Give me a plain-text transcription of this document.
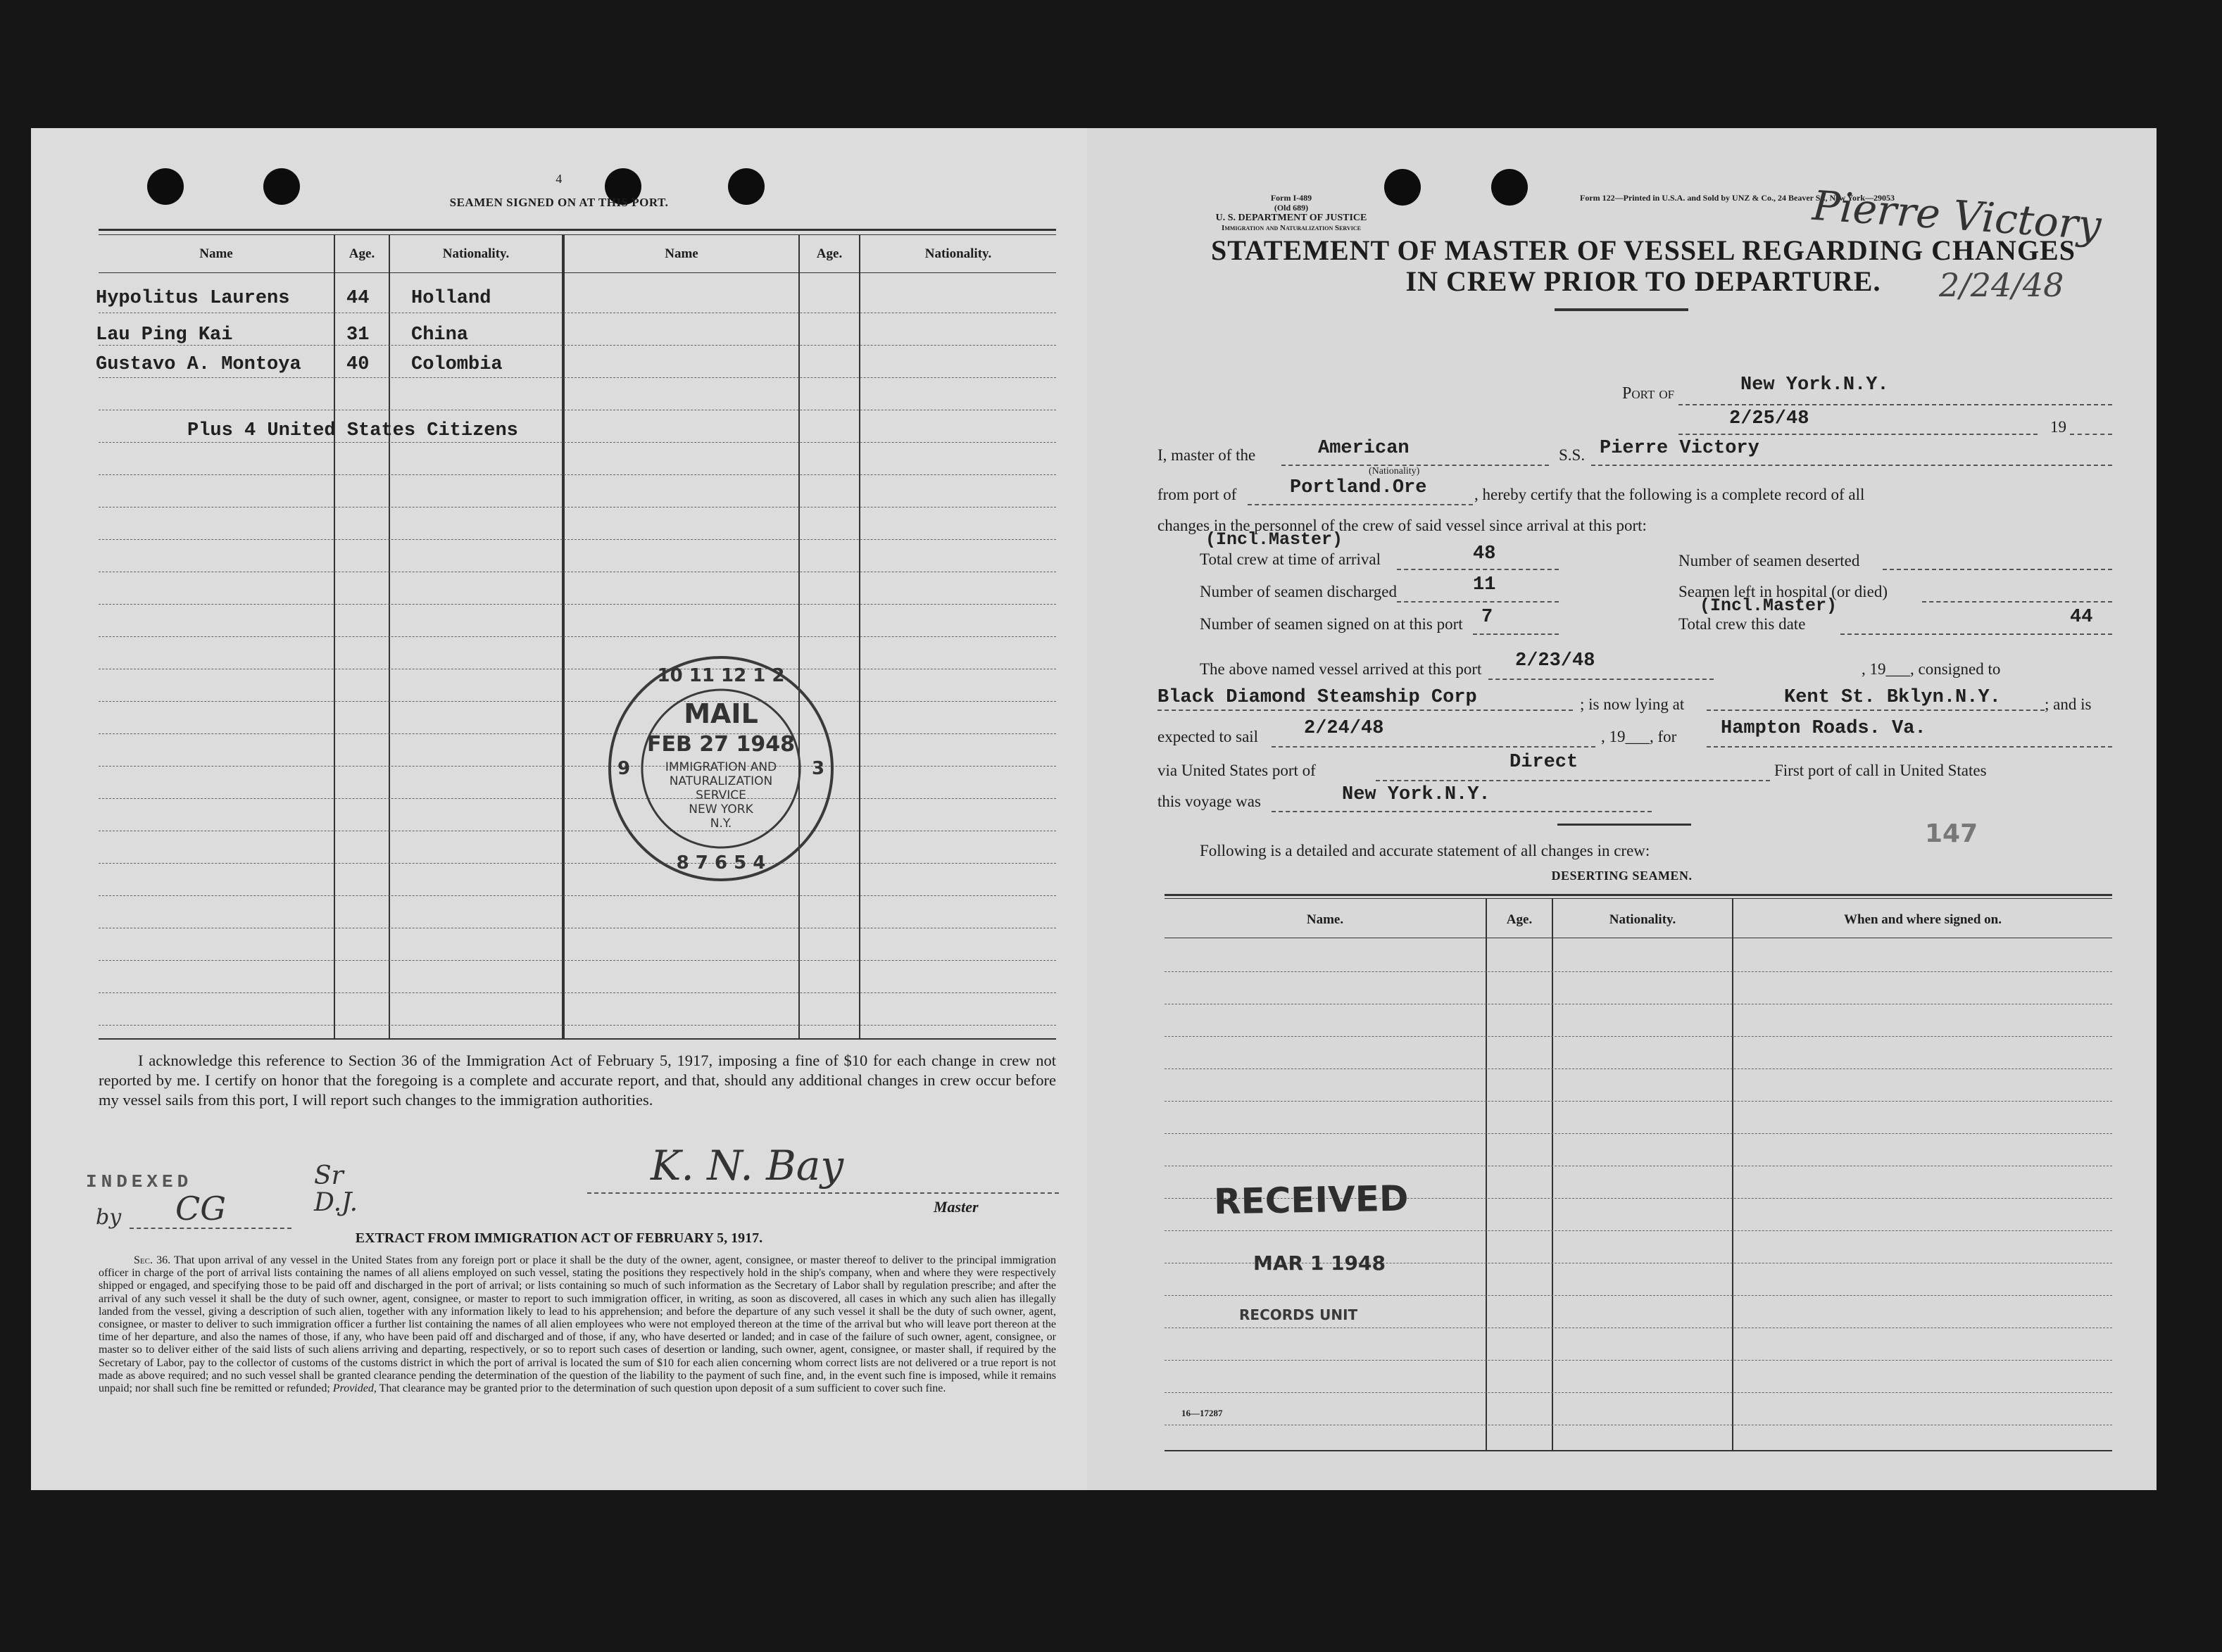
4
SEAMEN SIGNED ON AT THIS PORT.
Name	Age.	Nationality.	Name	Age.	Nationality.
Hypolitus Laurens	44 Holland
Lau Ping Kai	31 China
Gustavo A. Montoya 40 Colombia
Plus 4 United States Citizens
10 11 12 1 2
8 7 6 5 4
9	3
MAIL
FEB 27 1948
IMMIGRATION AND
NATURALIZATION
SERVICE
NEW YORK
N.Y.
I acknowledge this reference to Section 36 of the Immigration Act of February 5, 1917, imposing a fine of $10 for each change in crew not reported by me. I certify on honor that the foregoing is a complete and accurate report, and that, should any additional changes in crew occur before my vessel sails from this port, I will report such changes to the immigration authorities.
INDEXED
by CG
Sr D.J.
K. N. Bay
Master
EXTRACT FROM IMMIGRATION ACT OF FEBRUARY 5, 1917.
Sec. 36. That upon arrival of any vessel in the United States from any foreign port or place it shall be the duty of the owner, agent, consignee, or master thereof to deliver to the principal immigration officer in charge of the port of arrival lists containing the names of all aliens employed on such vessel, stating the positions they respectively hold in the ship's company, when and where they were respectively shipped or engaged, and specifying those to be paid off and discharged in the port of arrival; or lists containing so much of such information as the Secretary of Labor shall by regulation prescribe; and after the arrival of any such vessel it shall be the duty of such owner, agent, consignee, or master to report to such immigration officer, in writing, as soon as discovered, all cases in which any such alien has illegally landed from the vessel, giving a description of such alien, together with any information likely to lead to his apprehension; and before the departure of any such vessel it shall be the duty of such owner, agent, consignee, or master to deliver to such immigration officer a further list containing the names of all alien employees who were not employed thereon at the time of the arrival but who will leave port thereon at the time of her departure, and also the names of those, if any, who have been paid off and discharged and of those, if any, who have deserted or landed; and in case of the failure of such owner, agent, consignee, or master so to deliver either of the said lists of such aliens arriving and departing, respectively, or so to report such cases of desertion or landing, such owner, agent, consignee, or master shall, if required by the Secretary of Labor, pay to the collector of customs of the customs district in which the port of arrival is located the sum of $10 for each alien concerning whom correct lists are not delivered or a true report is not made as above required; and no such vessel shall be granted clearance pending the determination of the question of the liability to the payment of such fine, and, in the event such fine is imposed, while it remains unpaid; nor shall such fine be remitted or refunded; Provided, That clearance may be granted prior to the determination of such question upon deposit of a sum sufficient to cover such fine.
Form I-489
(Old 689)
U. S. DEPARTMENT OF JUSTICE
Immigration and Naturalization Service
Form 122—Printed in U.S.A. and Sold by UNZ & Co., 24 Beaver St., New York—29053
Pierre Victory
2/24/48
STATEMENT OF MASTER OF VESSEL REGARDING CHANGES
IN CREW PRIOR TO DEPARTURE.
Port of	New York.N.Y.
2/25/48	19
I, master of the	American
(Nationality)
S.S. Pierre Victory
from port of	Portland.Ore	, hereby certify that the following is a complete record of all
changes in the personnel of the crew of said vessel since arrival at this port:
(Incl.Master)
Total crew at time of arrival	48	Number of seamen deserted
Number of seamen discharged	11	Seamen left in hospital (or died)
(Incl.Master)
Number of seamen signed on at this port 7	Total crew this date	44
The above named vessel arrived at this port 2/23/48	, 19___, consigned to
Black Diamond Steamship Corp	; is now lying at	Kent St. Bklyn.N.Y.	; and is
expected to sail 2/24/48	, 19___, for Hampton Roads. Va.
via United States port of	Direct	First port of call in United States
this voyage was	New York.N.Y.
147
Following is a detailed and accurate statement of all changes in crew:
DESERTING SEAMEN.
Name.	Age.	Nationality.	When and where signed on.
RECEIVED
MAR 1 1948
RECORDS UNIT
16—17287
